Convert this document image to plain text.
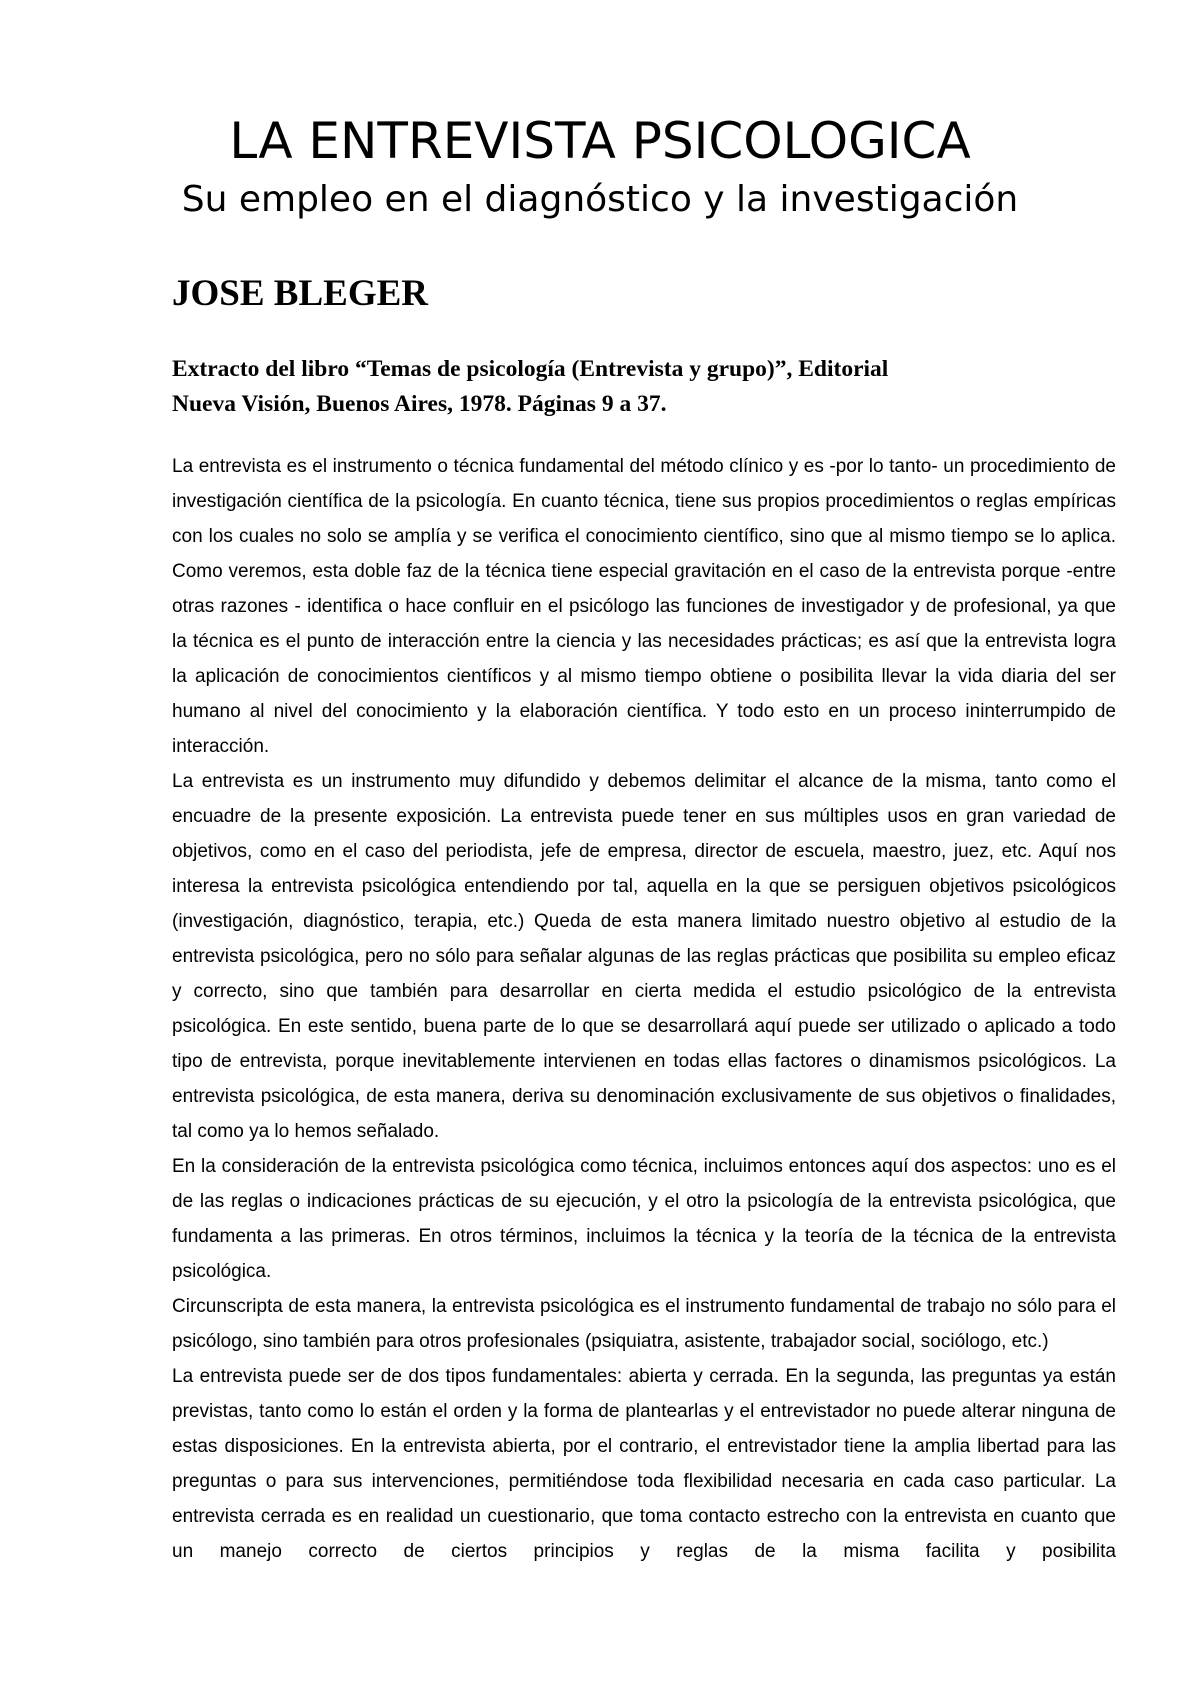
LA ENTREVISTA PSICOLOGICA
Su empleo en el diagnóstico y la investigación
JOSE BLEGER
Extracto del libro “Temas de psicología (Entrevista y grupo)”, Editorial
Nueva Visión, Buenos Aires, 1978. Páginas 9 a 37.

La entrevista es el instrumento o técnica fundamental del método clínico y es -por lo tanto- un procedimiento de investigación científica de la psicología. En cuanto técnica, tiene sus propios procedimientos o reglas empíricas con los cuales no solo se amplía y se verifica el conocimiento científico, sino que al mismo tiempo se lo aplica. Como veremos, esta doble faz de la técnica tiene especial gravitación en el caso de la entrevista porque -entre otras razones - identifica o hace confluir en el psicólogo las funciones de investigador y de profesional, ya que la técnica es el punto de interacción entre la ciencia y las necesidades prácticas; es así que la entrevista logra la aplicación de conocimientos científicos y al mismo tiempo obtiene o posibilita llevar la vida diaria del ser humano al nivel del conocimiento y la elaboración científica. Y todo esto en un proceso ininterrumpido de interacción.

La entrevista es un instrumento muy difundido y debemos delimitar el alcance de la misma, tanto como el encuadre de la presente exposición. La entrevista puede tener en sus múltiples usos en gran variedad de objetivos, como en el caso del periodista, jefe de empresa, director de escuela, maestro, juez, etc. Aquí nos interesa la entrevista psicológica entendiendo por tal, aquella en la que se persiguen objetivos psicológicos (investigación, diagnóstico, terapia, etc.) Queda de esta manera limitado nuestro objetivo al estudio de la entrevista psicológica, pero no sólo para señalar algunas de las reglas prácticas que posibilita su empleo eficaz y correcto, sino que también para desarrollar en cierta medida el estudio psicológico de la entrevista psicológica. En este sentido, buena parte de lo que se desarrollará aquí puede ser utilizado o aplicado a todo tipo de entrevista, porque inevitablemente intervienen en todas ellas factores o dinamismos psicológicos. La entrevista psicológica, de esta manera, deriva su denominación exclusivamente de sus objetivos o finalidades, tal como ya lo hemos señalado.

En la consideración de la entrevista psicológica como técnica, incluimos entonces aquí dos aspectos: uno es el de las reglas o indicaciones prácticas de su ejecución, y el otro la psicología de la entrevista psicológica, que fundamenta a las primeras. En otros términos, incluimos la técnica y la teoría de la técnica de la entrevista psicológica.

Circunscripta de esta manera, la entrevista psicológica es el instrumento fundamental de trabajo no sólo para el psicólogo, sino también para otros profesionales (psiquiatra, asistente, trabajador social, sociólogo, etc.)

La entrevista puede ser de dos tipos fundamentales: abierta y cerrada. En la segunda, las preguntas ya están previstas, tanto como lo están el orden y la forma de plantearlas y el entrevistador no puede alterar ninguna de estas disposiciones. En la entrevista abierta, por el contrario, el entrevistador tiene la amplia libertad para las preguntas o para sus intervenciones, permitiéndose toda flexibilidad necesaria en cada caso particular. La entrevista cerrada es en realidad un cuestionario, que toma contacto estrecho con la entrevista en cuanto que un manejo correcto de ciertos principios y reglas de la misma facilita y posibilita
